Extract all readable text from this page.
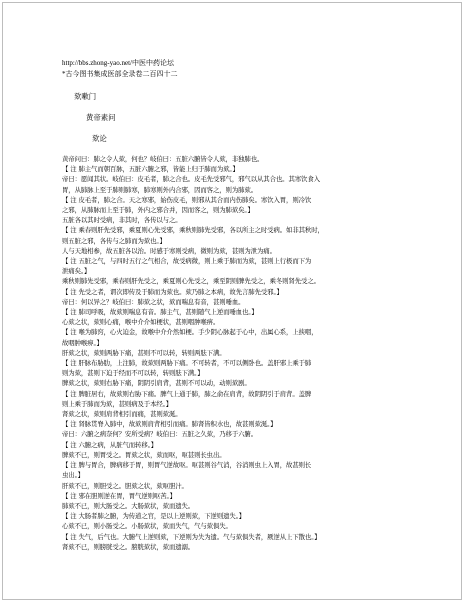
http://bbs.zhong-yao.net/中医中药论坛
*古今图书集成医部全录卷二百四十二
欬嗽门
黄帝素问
欬论
黄帝问曰：肺之令人欬，何也？岐伯曰：五脏六腑皆令人欬，非独肺也。
【 注 肺主气而朝百脉，五脏六腑之邪，皆能上归于肺而为欬。】
帝曰：愿闻其状。岐伯曰：皮毛者，肺之合也。皮毛先受邪气，邪气以从其合也。其寒饮食入
胃，从肺脉上至于肺则肺寒，肺寒则外内合邪，因而客之，则为肺欬。
【 注 皮毛者，肺之合。天之寒邪，始伤皮毛，则邪从其合而内伤肺矣。寒饮入胃，则冷饮
之邪，从肺脉而上至于肺，外内之邪合并，因而客之，则为肺欬矣。】
五脏各以其时受病，非其时，各传以与之。
【 注 乘春则肝先受邪，乘夏则心先受邪，乘秋则肺先受邪，各以所主之时受病。如非其秋时，
则五脏之邪，各传与之肺而为欬也。】
人与天地相参，故五脏各以治。时感于寒则受病，微则为欬，甚则为泄为痛。
【 注 五脏之气，与四时五行之气相合，故受病微，则上乘于肺而为欬，甚则上行极而下为
泄痛矣。】
乘秋则肺先受邪，乘春则肝先受之，乘夏则心先受之，乘至阴则脾先受之，乘冬则肾先受之。
【 注 先受之者，谓次即传及于肺而为欬也。欬乃肺之本病，故先言肺先受邪。】
帝曰：何以异之？岐伯曰：肺欬之状，欬而喘息有音，甚则唾血。
【 注 肺司呼吸，故欬则喘息有音。肺主气，甚则随气上逆而唾血也。】
心欬之状，欬则心痛，喉中介介如梗状，甚则咽肿喉痹。
【 注 喉为肺窍，心火迫金，故喉中介介然如梗。手少阴心脉起于心中，出属心系，上挟咽，
故咽肿喉痹。】
肝欬之状，欬则两胁下痛，甚则不可以转，转则两胠下满。
【 注 肝脉布胁肋，上注肺，故欬则两胁下痛。不可转者，不可以侧卧也。盖肝邪上乘于肺
则为欬，甚则下迫于经而不可以转，转则胠下满。】
脾欬之状，欬则右胁下痛，阴阴引肩背，甚则不可以动，动则欬剧。
【 注 脾脏居右，故欬则右胁下痛。脾气上通于肺，肺之俞在肩背，故阴阴引于肩背。盖脾
则上乘于肺而为欬，甚则病及于本经。】
肾欬之状，欬则肩背相引而痛，甚则欬涎。
【 注 肾脉贯脊入肺中，故欬则肩背相引而痛。肺肾皆积水也，故甚则欬涎。】
帝曰：六腑之病奈何？安所受病？岐伯曰：五脏之久欬，乃移于六腑。
【 注 六腑之病，从脏气而转移。】
脾欬不已，则胃受之。胃欬之状，欬而呕，呕甚则长虫出。
【 注 脾与胃合，脾病移于胃，则胃气逆故呕。呕甚则谷气消，谷消则虫上入胃，故甚则长
虫出。】
肝欬不已，则胆受之。胆欬之状，欬呕胆汁。
【 注 邪在胆则逆在胃，胃气逆则呕苦。】
肺欬不已，则大肠受之。大肠欬状，欬而遗失。
【 注 大肠者肺之腑，为传道之官，是以上逆则欬，下逆则遗失。】
心欬不已，则小肠受之。小肠欬状，欬而失气，气与欬俱失。
【 注 失气，后气也。大腑气上逆则欬，下逆则为失为遗。气与欬俱失者，厥逆从上下散也。】
肾欬不已，则膀胱受之。膀胱欬状，欬而遗溺。
